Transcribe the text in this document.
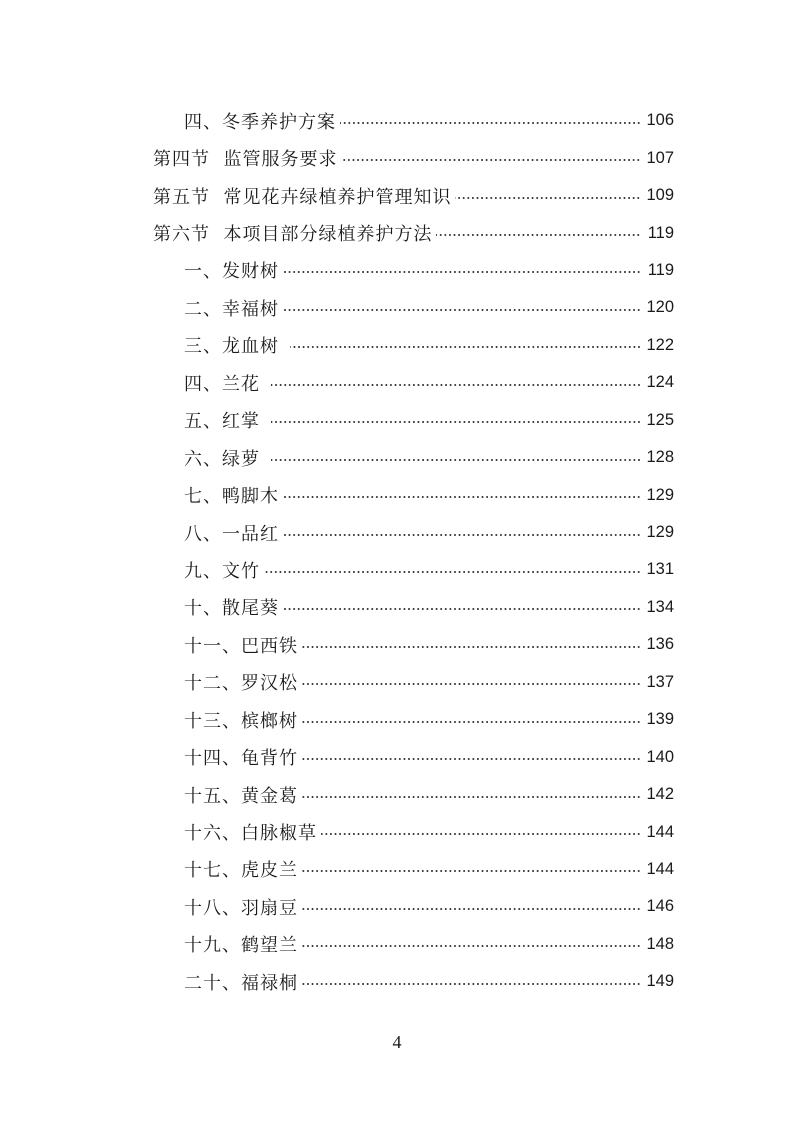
四、冬季养护方案	106
第四节  监管服务要求	107
第五节  常见花卉绿植养护管理知识	109
第六节  本项目部分绿植养护方法	119
一、发财树	119
二、幸福树	120
三、龙血树	122
四、兰花	124
五、红掌	125
六、绿萝	128
七、鸭脚木	129
八、一品红	129
九、文竹	131
十、散尾葵	134
十一、巴西铁	136
十二、罗汉松	137
十三、槟榔树	139
十四、龟背竹	140
十五、黄金葛	142
十六、白脉椒草	144
十七、虎皮兰	144
十八、羽扇豆	146
十九、鹤望兰	148
二十、福禄桐	149
4
